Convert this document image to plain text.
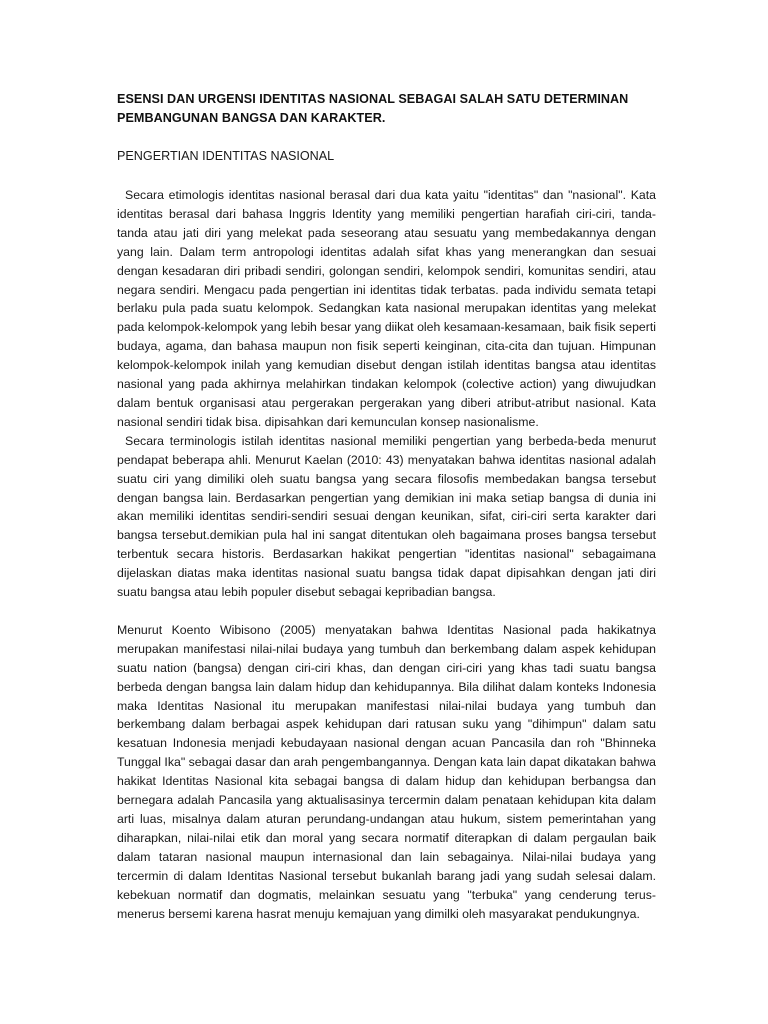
ESENSI DAN URGENSI IDENTITAS NASIONAL SEBAGAI SALAH SATU DETERMINAN PEMBANGUNAN BANGSA DAN KARAKTER.
PENGERTIAN IDENTITAS NASIONAL

Secara etimologis identitas nasional berasal dari dua kata yaitu "identitas" dan "nasional". Kata identitas berasal dari bahasa Inggris Identity yang memiliki pengertian harafiah ciri-ciri, tanda-tanda atau jati diri yang melekat pada seseorang atau sesuatu yang membedakannya dengan yang lain. Dalam term antropologi identitas adalah sifat khas yang menerangkan dan sesuai dengan kesadaran diri pribadi sendiri, golongan sendiri, kelompok sendiri, komunitas sendiri, atau negara sendiri. Mengacu pada pengertian ini identitas tidak terbatas. pada individu semata tetapi berlaku pula pada suatu kelompok. Sedangkan kata nasional merupakan identitas yang melekat pada kelompok-kelompok yang lebih besar yang diikat oleh kesamaan-kesamaan, baik fisik seperti budaya, agama, dan bahasa maupun non fisik seperti keinginan, cita-cita dan tujuan. Himpunan kelompok-kelompok inilah yang kemudian disebut dengan istilah identitas bangsa atau identitas nasional yang pada akhirnya melahirkan tindakan kelompok (colective action) yang diwujudkan dalam bentuk organisasi atau pergerakan pergerakan yang diberi atribut-atribut nasional. Kata nasional sendiri tidak bisa. dipisahkan dari kemunculan konsep nasionalisme.

Secara terminologis istilah identitas nasional memiliki pengertian yang berbeda-beda menurut pendapat beberapa ahli. Menurut Kaelan (2010: 43) menyatakan bahwa identitas nasional adalah suatu ciri yang dimiliki oleh suatu bangsa yang secara filosofis membedakan bangsa tersebut dengan bangsa lain. Berdasarkan pengertian yang demikian ini maka setiap bangsa di dunia ini akan memiliki identitas sendiri-sendiri sesuai dengan keunikan, sifat, ciri-ciri serta karakter dari bangsa tersebut.demikian pula hal ini sangat ditentukan oleh bagaimana proses bangsa tersebut terbentuk secara historis. Berdasarkan hakikat pengertian "identitas nasional" sebagaimana dijelaskan diatas maka identitas nasional suatu bangsa tidak dapat dipisahkan dengan jati diri suatu bangsa atau lebih populer disebut sebagai kepribadian bangsa.

Menurut Koento Wibisono (2005) menyatakan bahwa Identitas Nasional pada hakikatnya merupakan manifestasi nilai-nilai budaya yang tumbuh dan berkembang dalam aspek kehidupan suatu nation (bangsa) dengan ciri-ciri khas, dan dengan ciri-ciri yang khas tadi suatu bangsa berbeda dengan bangsa lain dalam hidup dan kehidupannya. Bila dilihat dalam konteks Indonesia maka Identitas Nasional itu merupakan manifestasi nilai-nilai budaya yang tumbuh dan berkembang dalam berbagai aspek kehidupan dari ratusan suku yang "dihimpun" dalam satu kesatuan Indonesia menjadi kebudayaan nasional dengan acuan Pancasila dan roh "Bhinneka Tunggal Ika" sebagai dasar dan arah pengembangannya. Dengan kata lain dapat dikatakan bahwa hakikat Identitas Nasional kita sebagai bangsa di dalam hidup dan kehidupan berbangsa dan bernegara adalah Pancasila yang aktualisasinya tercermin dalam penataan kehidupan kita dalam arti luas, misalnya dalam aturan perundang-undangan atau hukum, sistem pemerintahan yang diharapkan, nilai-nilai etik dan moral yang secara normatif diterapkan di dalam pergaulan baik dalam tataran nasional maupun internasional dan lain sebagainya. Nilai-nilai budaya yang tercermin di dalam Identitas Nasional tersebut bukanlah barang jadi yang sudah selesai dalam. kebekuan normatif dan dogmatis, melainkan sesuatu yang "terbuka" yang cenderung terus-menerus bersemi karena hasrat menuju kemajuan yang dimilki oleh masyarakat pendukungnya.
